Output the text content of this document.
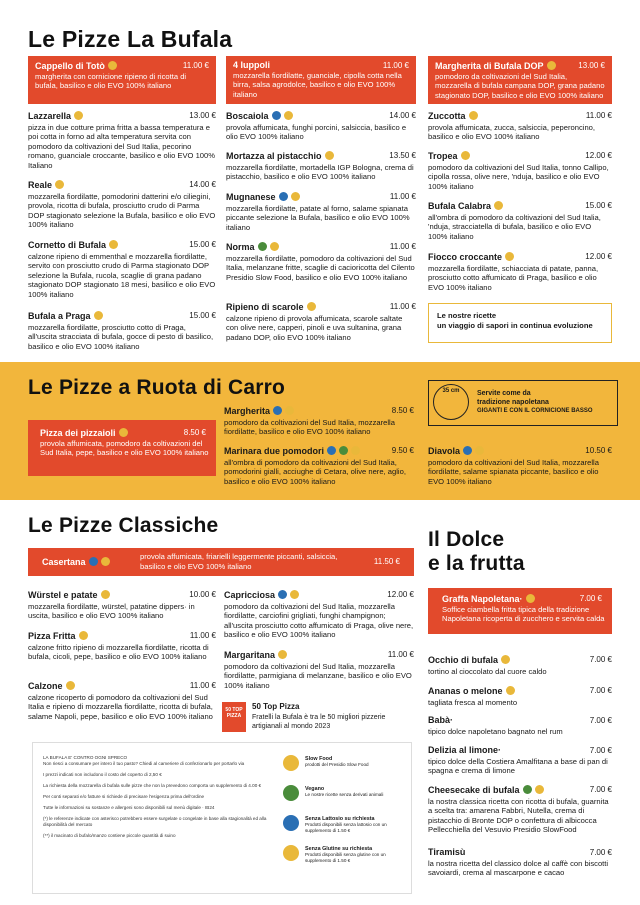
Le Pizze La Bufala
Cappello di Totò	11.00 €
margherita con cornicione ripieno di ricotta di bufala, basilico e olio EVO 100% italiano
Lazzarella	13.00 €
pizza in due cotture prima fritta a bassa temperatura e poi cotta in forno ad alta temperatura servita con pomodoro da coltivazioni del Sud Italia, pecorino romano, guanciale croccante, basilico e olio EVO 100% Italiano
Reale	14.00 €
mozzarella fiordilatte, pomodorini datterini e/o ciliegini, provola, ricotta di bufala, prosciutto crudo di Parma DOP stagionato selezione la Bufala, basilico e olio EVO 100% italiano
Cornetto di Bufala	15.00 €
calzone ripieno di emmenthal e mozzarella fiordilatte, servito con prosciutto crudo di Parma stagionato DOP selezione la Bufala, rucola, scaglie di grana padano stagionato DOP stagionato 18 mesi, basilico e olio EVO 100% italiano
Bufala a Praga	15.00 €
mozzarella fiordilatte, prosciutto cotto di Praga, all'uscita stracciata di bufala, gocce di pesto di basilico, basilico e olio EVO 100% italiano
4 luppoli	11.00 €
mozzarella fiordilatte, guanciale, cipolla cotta nella birra, salsa agrodolce, basilico e olio EVO 100% italiano
Boscaiola	14.00 €
provola affumicata, funghi porcini, salsiccia, basilico e olio EVO 100% italiano
Mortazza al pistacchio	13.50 €
mozzarella fiordilatte, mortadella IGP Bologna, crema di pistacchio, basilico e olio EVO 100% italiano
Mugnanese	11.00 €
mozzarella fiordilatte, patate al forno, salame spianata piccante selezione la Bufala, basilico e olio EVO 100% italiano
Norma	11.00 €
mozzarella fiordilatte, pomodoro da coltivazioni del Sud Italia, melanzane fritte, scaglie di cacioricotta del Cilento Presidio Slow Food, basilico e olio EVO 100% italiano
Ripieno di scarole	11.00 €
calzone ripieno di provola affumicata, scarole saltate con olive nere, capperi, pinoli e uva sultanina, grana padano DOP, olio EVO 100% italiano
Margherita di Bufala DOP	13.00 €
pomodoro da coltivazioni del Sud Italia, mozzarella di bufala campana DOP, grana padano stagionato DOP, basilico e olio EVO 100% italiano
Zuccotta	11.00 €
provola affumicata, zucca, salsiccia, peperoncino, basilico e olio EVO 100% italiano
Tropea	12.00 €
pomodoro da coltivazioni del Sud Italia, tonno Callipo, cipolla rossa, olive nere, 'nduja, basilico e olio EVO 100% italiano
Bufala Calabra	15.00 €
all'ombra di pomodoro da coltivazioni del Sud Italia, 'nduja, stracciatella di bufala, basilico e olio EVO 100% italiano
Fiocco croccante	12.00 €
mozzarella fiordilatte, schiacciata di patate, panna, prosciutto cotto affumicato di Praga, basilico e olio EVO 100% italiano
Le nostre ricette
un viaggio di sapori in continua evoluzione
Le Pizze a Ruota di Carro	35 cm	Servite come da
tradizione napoletana
GIGANTI E CON IL CORNICIONE BASSO
Pizza dei pizzaioli	8.50 €
provola affumicata, pomodoro da coltivazioni del Sud Italia, pepe, basilico e olio EVO 100% italiano
Margherita	8.50 €
pomodoro da coltivazioni del Sud Italia, mozzarella fiordilatte, basilico e olio EVO 100% italiano
Marinara due pomodori	9.50 €
all'ombra di pomodoro da coltivazioni del Sud Italia, pomodorini gialli, acciughe di Cetara, olive nere, aglio, basilico e olio EVO 100% italiano
Diavola	10.50 €
pomodoro da coltivazioni del Sud Italia, mozzarella fiordilatte, salame spianata piccante, basilico e olio EVO 100% italiano
Le Pizze Classiche
Casertana
provola affumicata, friarielli leggermente piccanti, salsiccia, basilico e olio EVO 100% italiano
11.50 €
Würstel e patate	10.00 €
mozzarella fiordilatte, würstel, patatine dippers· in uscita, basilico e olio EVO 100% italiano
Pizza Fritta	11.00 €
calzone fritto ripieno di mozzarella fiordilatte, ricotta di bufala, cicoli, pepe, basilico e olio EVO 100% italiano
Calzone	11.00 €
calzone ricoperto di pomodoro da coltivazioni del Sud Italia e ripieno di mozzarella fiordilatte, ricotta di bufala, salame Napoli, pepe, basilico e olio EVO 100% italiano
Capricciosa	12.00 €
pomodoro da coltivazioni del Sud Italia, mozzarella fiordilatte, carciofini grigliati, funghi champignon; all'uscita prosciutto cotto affumicato di Praga, olive nere, basilico e olio EVO 100% italiano
Margaritana	11.00 €
pomodoro da coltivazioni del Sud Italia, mozzarella fiordilatte, parmigiana di melanzane, basilico e olio EVO 100% italiano
50 TOP PIZZA
50 Top Pizza
Fratelli la Bufala è tra le 50 migliori pizzerie artigianali al mondo 2023

LA BUFALA E' CONTRO OGNI SPRECO
Non riesci a consumare per intero il tuo pasto? Chiedi al cameriere di confezionarlo per portarlo via

I prezzi indicati non includono il costo del coperto di 2,50 €

La richiesta della mozzarella di bufala sulle pizze che non la prevedono comporta un supplemento di 4.00 €

Per conti separati e/o fatture si richiede di precisare l'esigenza prima dell'ordine

Tutte le informazioni su sostanze e allergeni sono disponibili sul menù digitale · IB24

(*) le referenze indicate con asterisco potrebbero essere surgelate o congelate in base alla stagionalità ed alla disponibilità del mercato

(**) il macinato di bufalo/manzo contiene piccole quantità di suino

Slow Food
prodotti del Presidio Slow Food
Vegano
Le nostre ricette senza derivati animali
Senza Lattosio su richiesta
Prodotti disponibili senza lattosio con un supplemento di 1.50 €
Senza Glutine su richiesta
Prodotti disponibili senza glutine con un supplemento di 1.50 €
Il Dolce
e la frutta
Graffa Napoletana·	7.00 €
Soffice ciambella fritta tipica della tradizione Napoletana ricoperta di zucchero e servita calda
Occhio di bufala	7.00 €
tortino al cioccolato dal cuore caldo
Ananas o melone	7.00 €
tagliata fresca al momento
Babà·	7.00 €
tipico dolce napoletano bagnato nel rum
Delizia al limone·	7.00 €
tipico dolce della Costiera Amalfitana a base di pan di spagna e crema di limone
Cheesecake di bufala	7.00 €
la nostra classica ricetta con ricotta di bufala, guarnita a scelta tra: amarena Fabbri, Nutella, crema di pistacchio di Bronte DOP o confettura di albicocca Pellecchiella del Vesuvio Presidio SlowFood
Tiramisù	7.00 €
la nostra ricetta del classico dolce al caffè con biscotti savoiardi, crema al mascarpone e cacao
